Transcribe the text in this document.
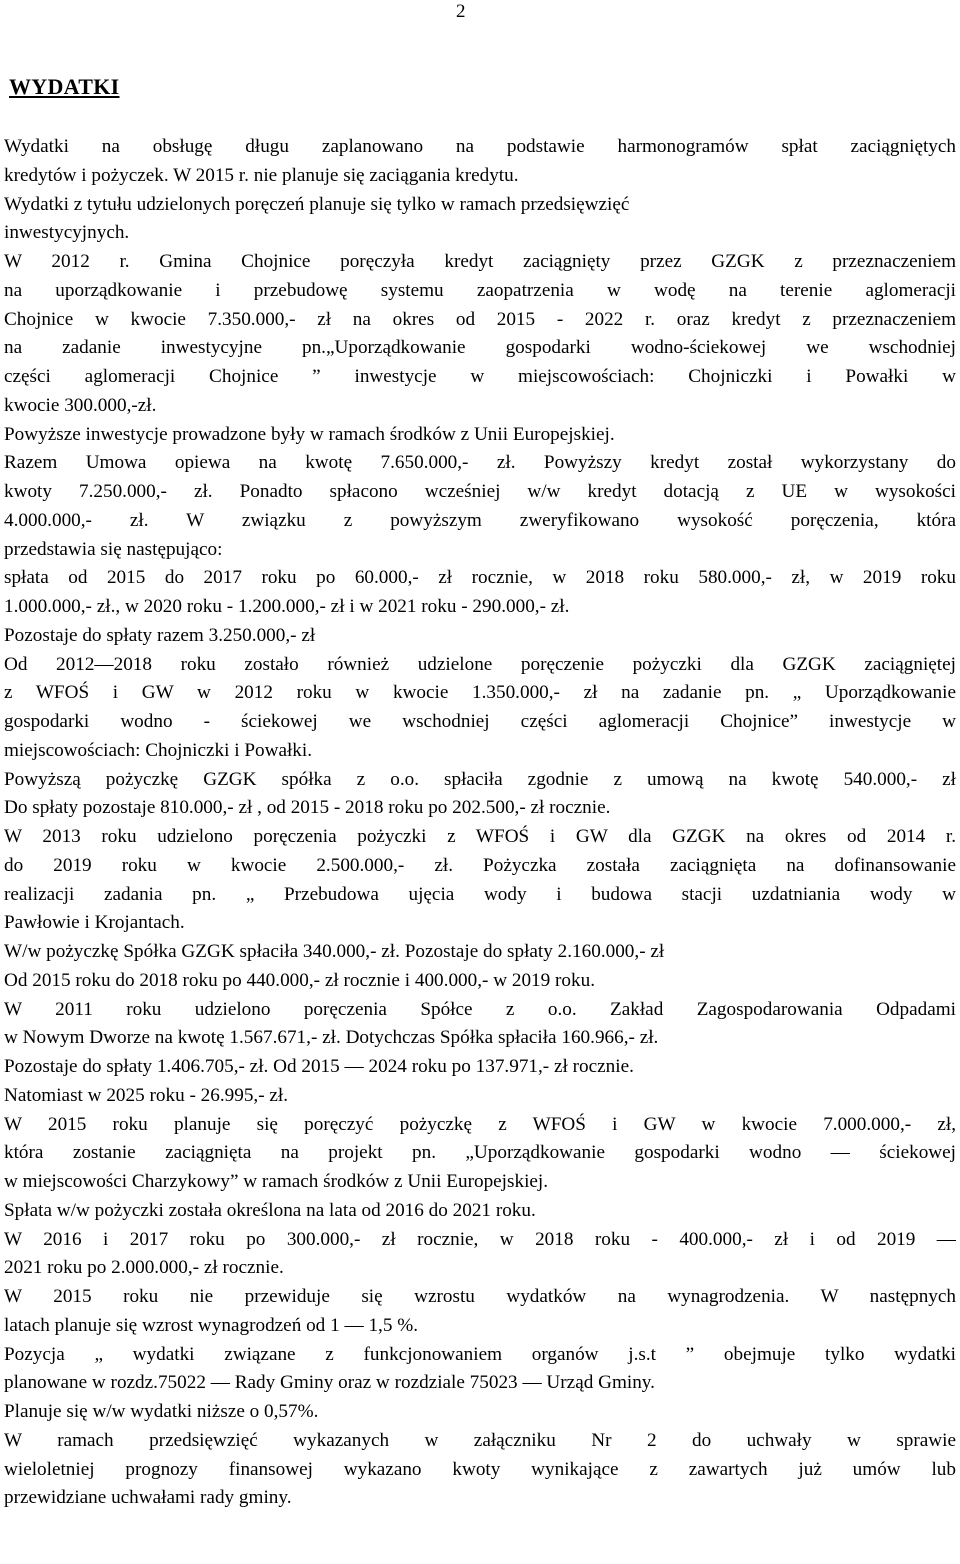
2
WYDATKI
Wydatki na obsługę długu zaplanowano na podstawie harmonogramów spłat zaciągniętych
kredytów i pożyczek. W 2015 r. nie planuje się zaciągania kredytu.
Wydatki z tytułu udzielonych poręczeń planuje się tylko w ramach przedsięwzięć
inwestycyjnych.
W 2012 r. Gmina Chojnice poręczyła kredyt zaciągnięty przez GZGK z przeznaczeniem
na uporządkowanie i przebudowę systemu zaopatrzenia w wodę na terenie aglomeracji
Chojnice w kwocie 7.350.000,- zł na okres od 2015 - 2022 r. oraz kredyt z przeznaczeniem
na zadanie inwestycyjne pn.„Uporządkowanie gospodarki wodno-ściekowej we wschodniej
części aglomeracji Chojnice ” inwestycje w miejscowościach: Chojniczki i Powałki w
kwocie 300.000,-zł.
Powyższe inwestycje prowadzone były w ramach środków z Unii Europejskiej.
Razem Umowa opiewa na kwotę 7.650.000,- zł. Powyższy kredyt został wykorzystany do
kwoty 7.250.000,- zł. Ponadto spłacono wcześniej w/w kredyt dotacją z UE w wysokości
4.000.000,- zł. W związku z powyższym zweryfikowano wysokość poręczenia, która
przedstawia się następująco:
spłata od 2015 do 2017 roku po 60.000,- zł rocznie, w 2018 roku 580.000,- zł, w 2019 roku
1.000.000,- zł., w 2020 roku - 1.200.000,- zł i w 2021 roku - 290.000,- zł.
Pozostaje do spłaty razem 3.250.000,- zł
Od 2012—2018 roku zostało również udzielone poręczenie pożyczki dla GZGK zaciągniętej
z WFOŚ i GW w 2012 roku w kwocie 1.350.000,- zł na zadanie pn. „ Uporządkowanie
gospodarki wodno - ściekowej we wschodniej części aglomeracji Chojnice” inwestycje w
miejscowościach: Chojniczki i Powałki.
Powyższą pożyczkę GZGK spółka z o.o. spłaciła zgodnie z umową na kwotę 540.000,- zł
Do spłaty pozostaje 810.000,- zł , od 2015 - 2018 roku po 202.500,- zł rocznie.
W 2013 roku udzielono poręczenia pożyczki z WFOŚ i GW dla GZGK na okres od 2014 r.
do 2019 roku w kwocie 2.500.000,- zł. Pożyczka została zaciągnięta na dofinansowanie
realizacji zadania pn. „ Przebudowa ujęcia wody i budowa stacji uzdatniania wody w
Pawłowie i Krojantach.
W/w pożyczkę Spółka GZGK spłaciła 340.000,- zł. Pozostaje do spłaty 2.160.000,- zł
Od 2015 roku do 2018 roku po 440.000,- zł rocznie i 400.000,- w 2019 roku.
W 2011 roku udzielono poręczenia Spółce z o.o. Zakład Zagospodarowania Odpadami
w Nowym Dworze na kwotę 1.567.671,- zł. Dotychczas Spółka spłaciła 160.966,- zł.
Pozostaje do spłaty 1.406.705,- zł. Od 2015 — 2024 roku po 137.971,- zł rocznie.
Natomiast w 2025 roku - 26.995,- zł.
W 2015 roku planuje się poręczyć pożyczkę z WFOŚ i GW w kwocie 7.000.000,- zł,
która zostanie zaciągnięta na projekt pn. „Uporządkowanie gospodarki wodno — ściekowej
w miejscowości Charzykowy” w ramach środków z Unii Europejskiej.
Spłata w/w pożyczki została określona na lata od 2016 do 2021 roku.
W 2016 i 2017 roku po 300.000,- zł rocznie, w 2018 roku - 400.000,- zł i od 2019 —
2021 roku po 2.000.000,- zł rocznie.
W 2015 roku nie przewiduje się wzrostu wydatków na wynagrodzenia. W następnych
latach planuje się wzrost wynagrodzeń od 1 — 1,5 %.
Pozycja „ wydatki związane z funkcjonowaniem organów j.s.t ” obejmuje tylko wydatki
planowane w rozdz.75022 — Rady Gminy oraz w rozdziale 75023 — Urząd Gminy.
Planuje się w/w wydatki niższe o 0,57%.
W ramach przedsięwzięć wykazanych w załączniku Nr 2 do uchwały w sprawie
wieloletniej prognozy finansowej wykazano kwoty wynikające z zawartych już umów lub
przewidziane uchwałami rady gminy.
